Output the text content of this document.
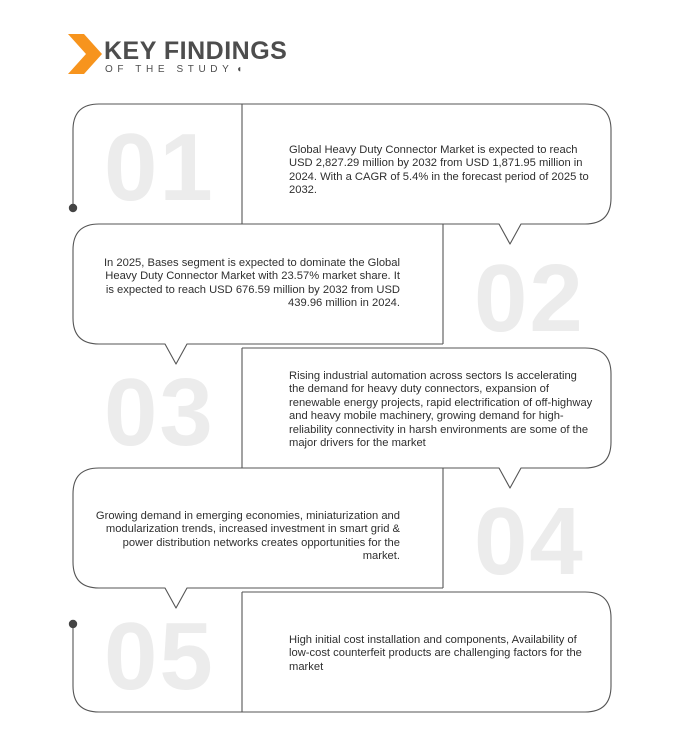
KEY FINDINGS
OF THE STUDY ◖
01
02
03
04
05
Global Heavy Duty Connector Market is expected to reach USD 2,827.29 million by 2032 from USD 1,871.95 million in 2024. With a CAGR of 5.4% in the forecast period of 2025 to 2032.
In 2025, Bases segment is expected to dominate the Global Heavy Duty Connector Market with 23.57% market share. It is expected to reach USD 676.59 million by 2032 from USD 439.96 million in 2024.
Rising industrial automation across sectors Is accelerating the demand for heavy duty connectors, expansion of renewable energy projects, rapid electrification of off-highway and heavy mobile machinery, growing demand for high-reliability connectivity in harsh environments are some of the major drivers for the market
Growing demand in emerging economies, miniaturization and modularization trends, increased investment in smart grid & power distribution networks creates opportunities for the market.
High initial cost installation and components, Availability of low-cost counterfeit products are challenging factors for the market
